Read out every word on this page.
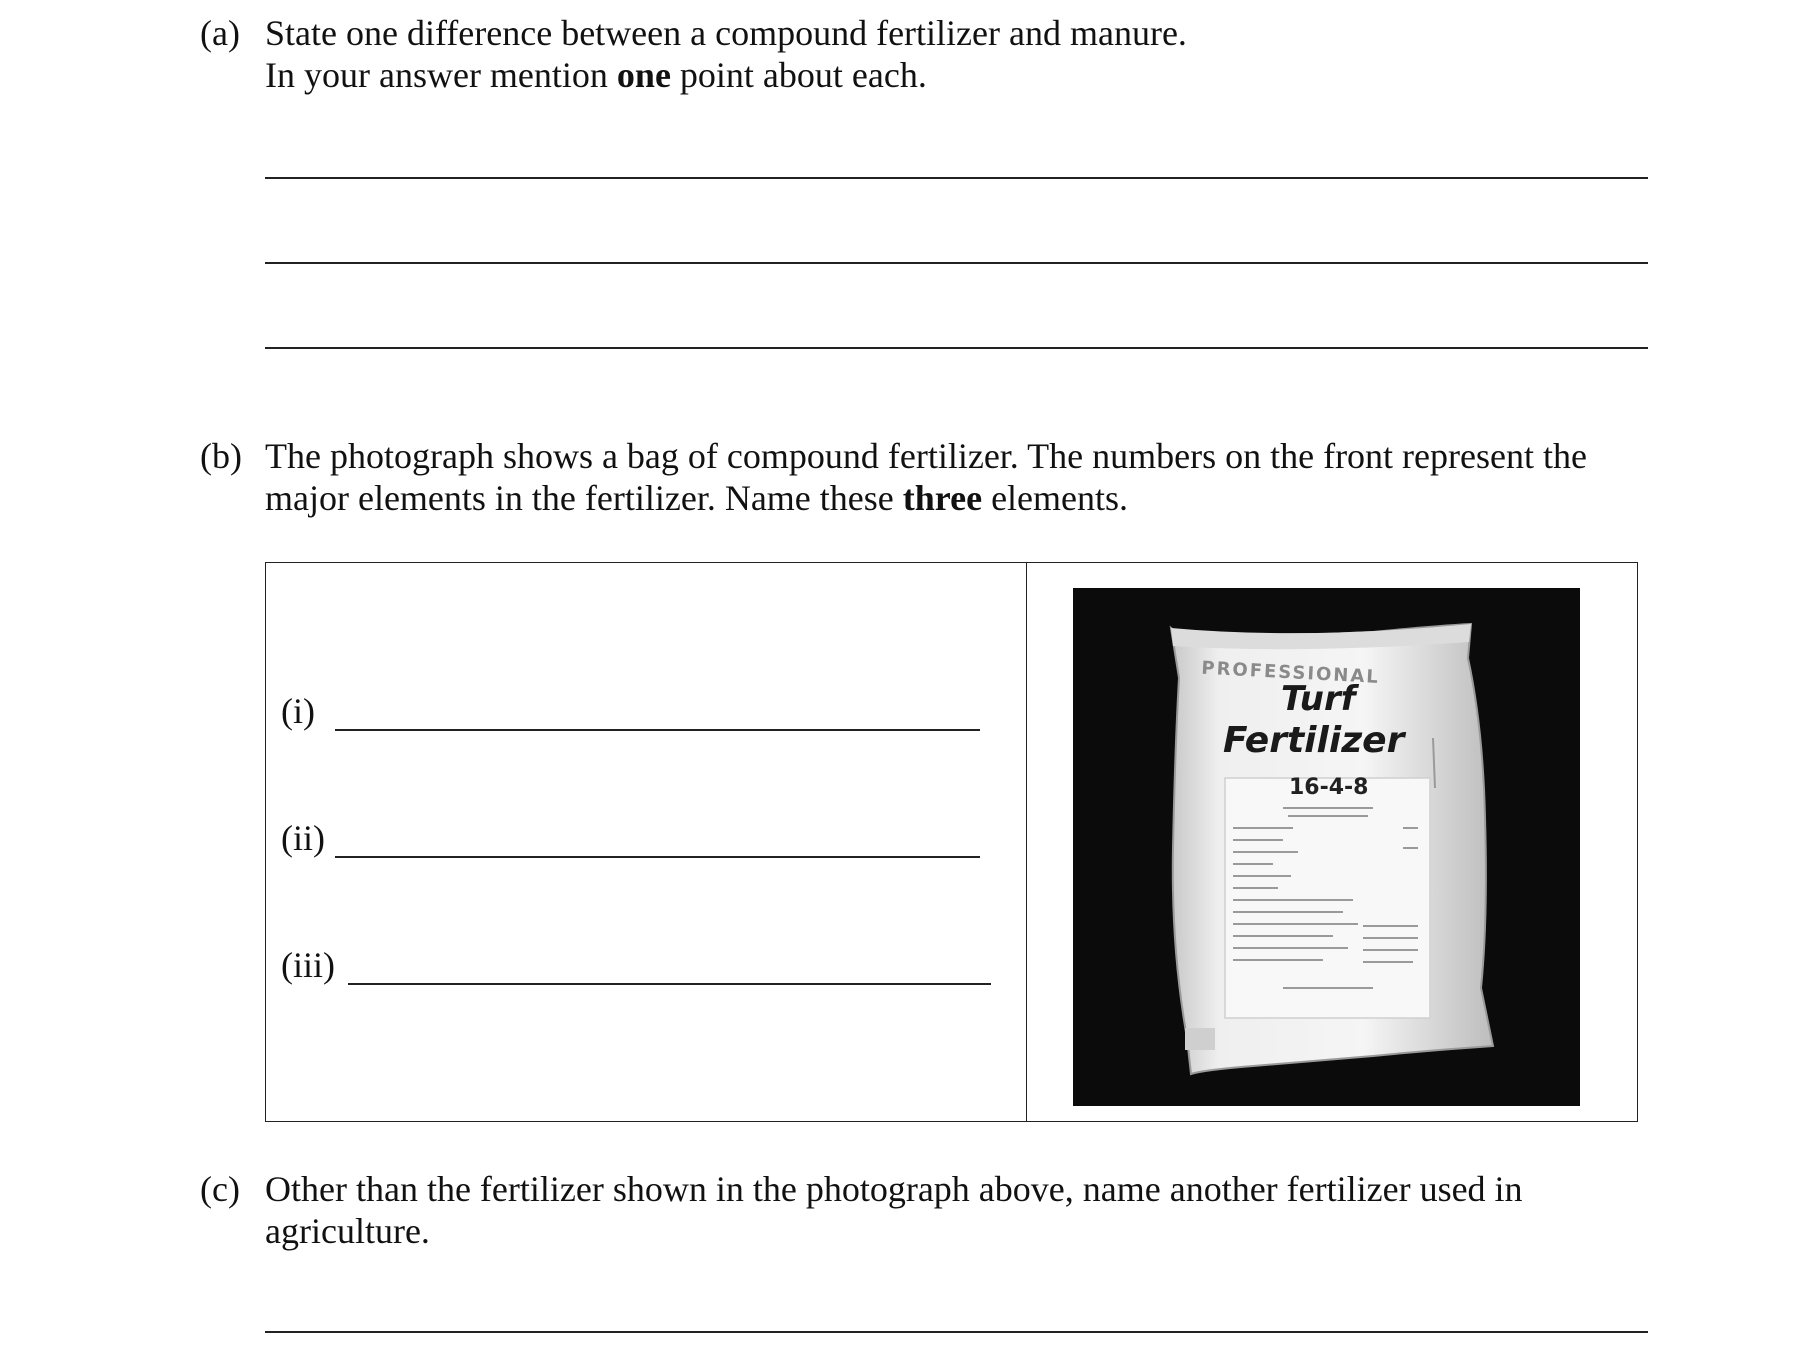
(a) State one difference between a compound fertilizer and manure.
In your answer mention one point about each.
(b) The photograph shows a bag of compound fertilizer. The numbers on the front represent the
major elements in the fertilizer. Name these three elements.
(i)
(ii)
(iii)
PROFESSIONAL
Turf
Fertilizer
16-4-8
(c) Other than the fertilizer shown in the photograph above, name another fertilizer used in
agriculture.
